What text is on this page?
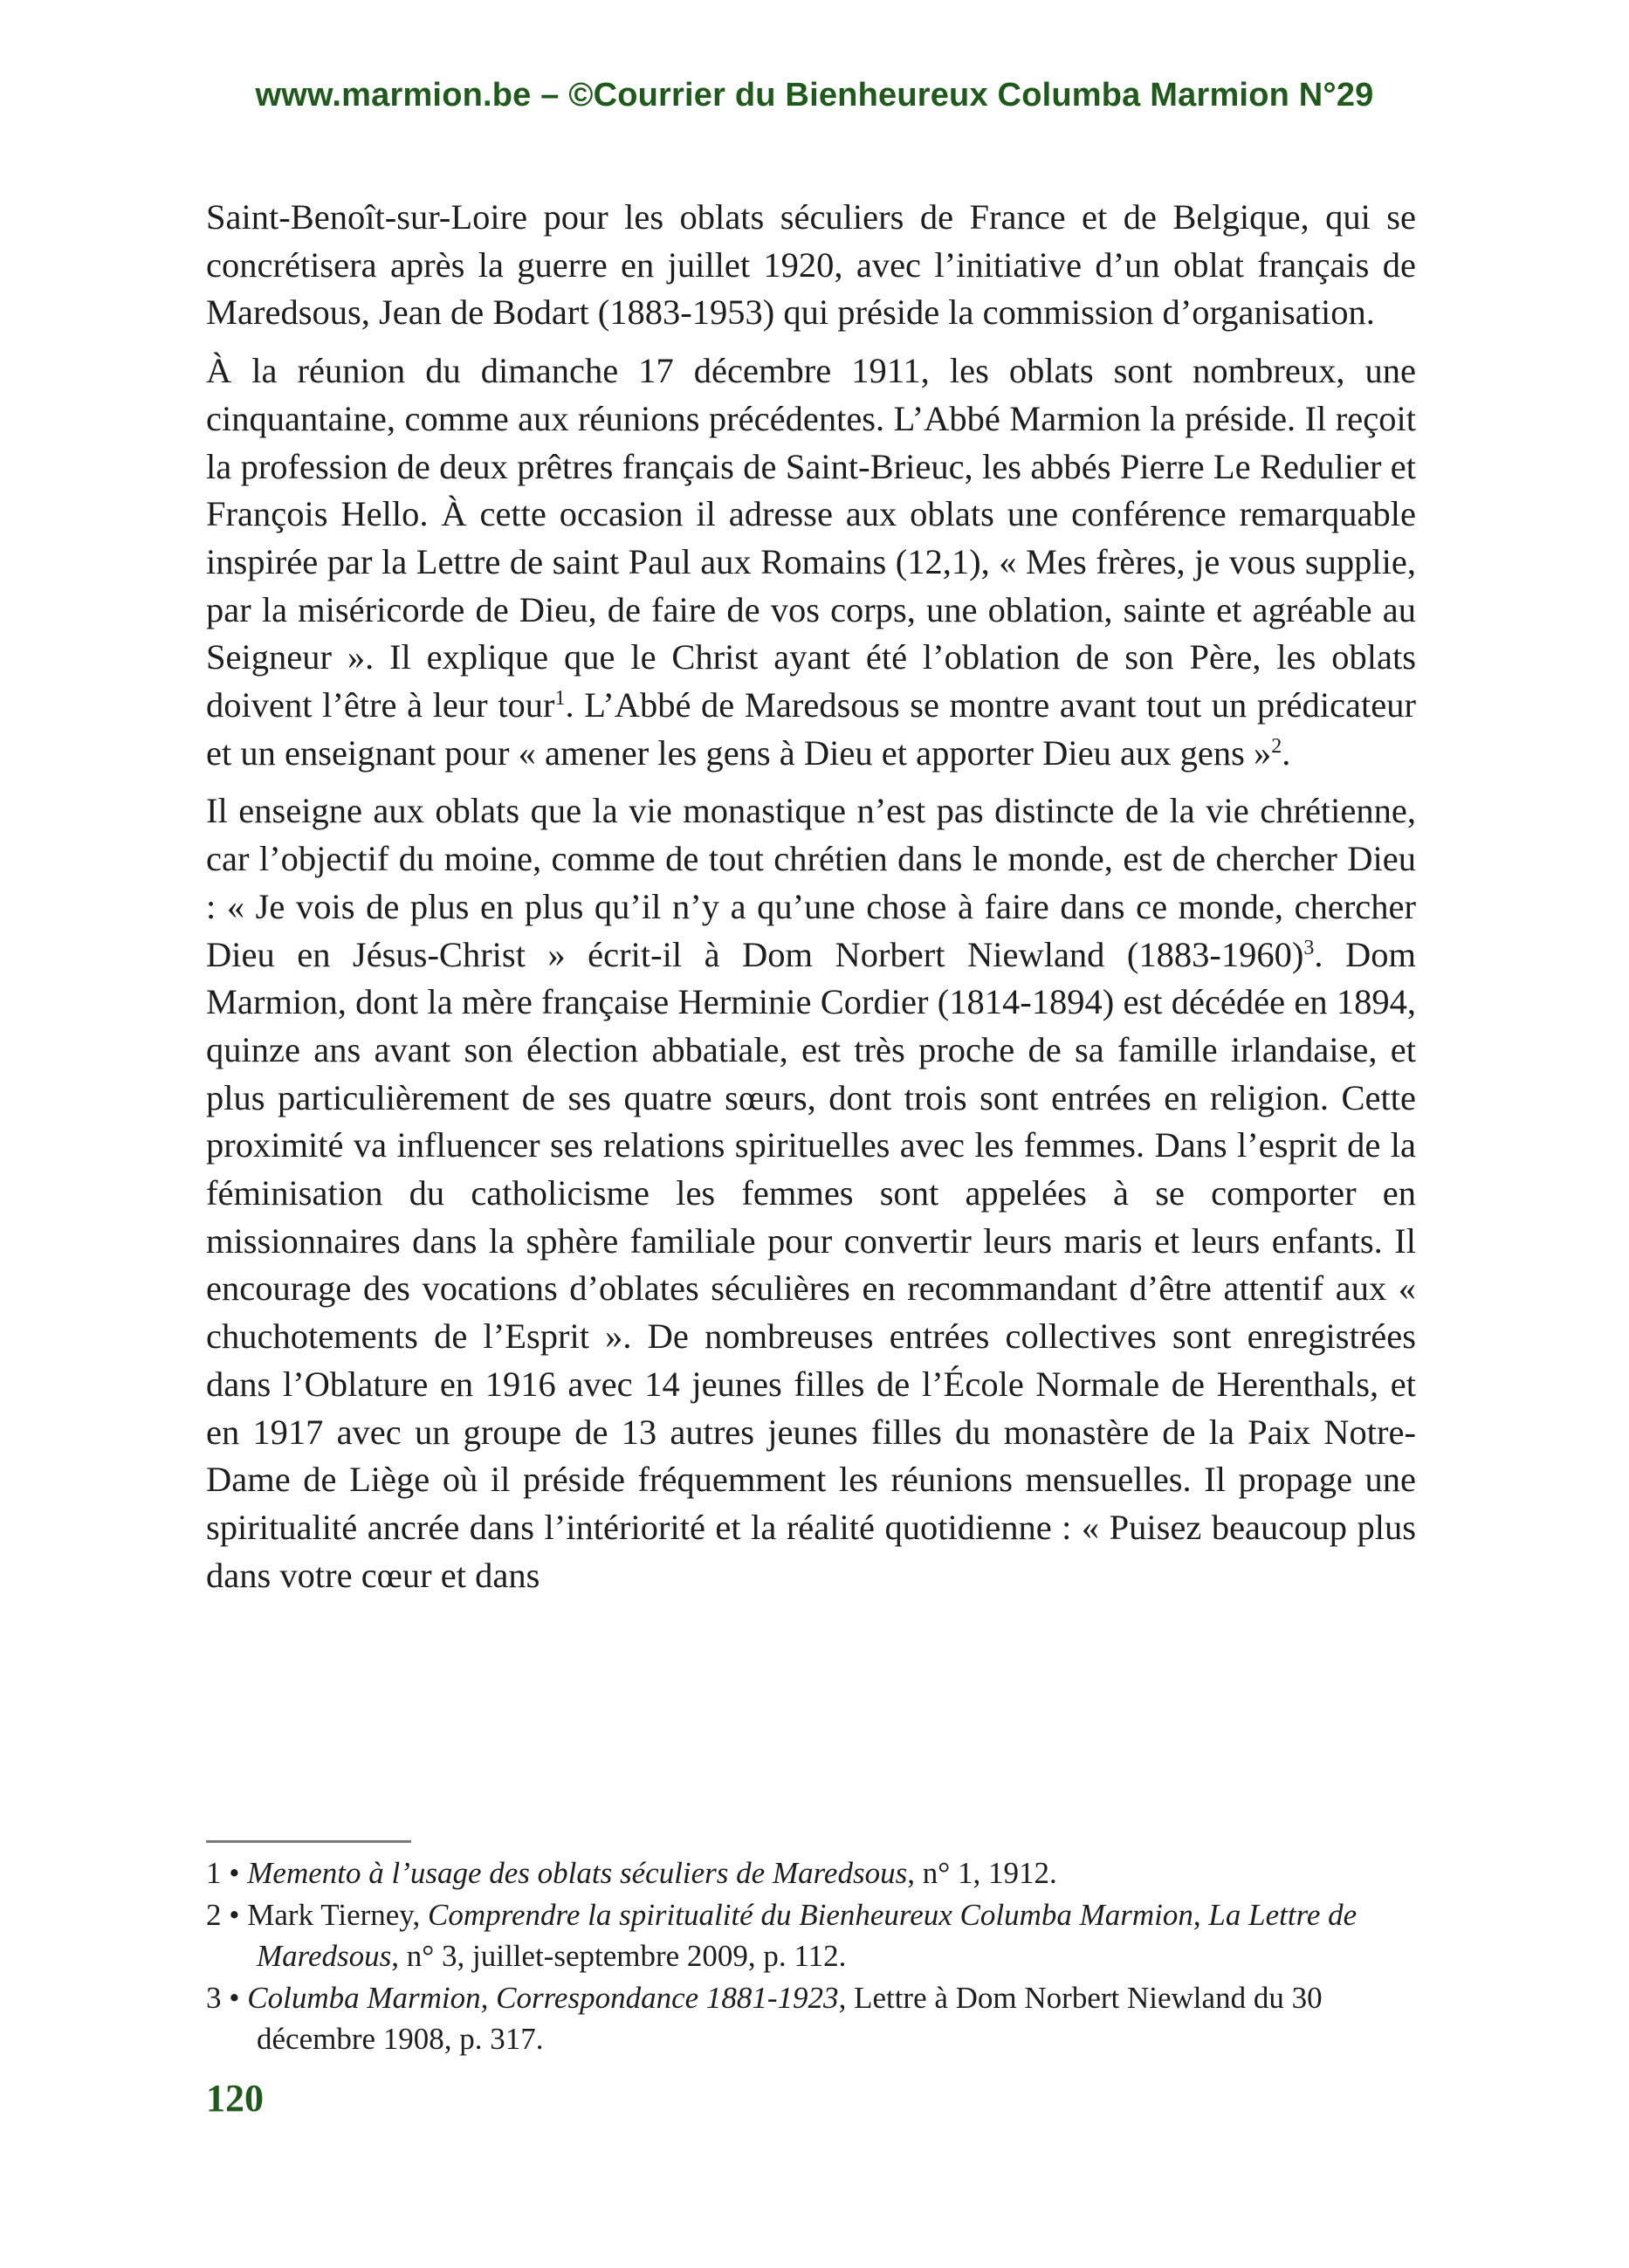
www.marmion.be – ©Courrier du Bienheureux Columba Marmion N°29

Saint-Benoît-sur-Loire pour les oblats séculiers de France et de Belgique, qui se concrétisera après la guerre en juillet 1920, avec l’initiative d’un oblat français de Maredsous, Jean de Bodart (1883-1953) qui préside la commission d’organisation.

À la réunion du dimanche 17 décembre 1911, les oblats sont nombreux, une cinquantaine, comme aux réunions précédentes. L’Abbé Marmion la préside. Il reçoit la profession de deux prêtres français de Saint-Brieuc, les abbés Pierre Le Redulier et François Hello. À cette occasion il adresse aux oblats une conférence remarquable inspirée par la Lettre de saint Paul aux Romains (12,1), « Mes frères, je vous supplie, par la miséricorde de Dieu, de faire de vos corps, une oblation, sainte et agréable au Seigneur ». Il explique que le Christ ayant été l’oblation de son Père, les oblats doivent l’être à leur tour$^1$. L’Abbé de Maredsous se montre avant tout un prédicateur et un enseignant pour « amener les gens à Dieu et apporter Dieu aux gens »$^2$.

Il enseigne aux oblats que la vie monastique n’est pas distincte de la vie chrétienne, car l’objectif du moine, comme de tout chrétien dans le monde, est de chercher Dieu : « Je vois de plus en plus qu’il n’y a qu’une chose à faire dans ce monde, chercher Dieu en Jésus-Christ » écrit-il à Dom Norbert Niewland (1883-1960)$^3$. Dom Marmion, dont la mère française Herminie Cordier (1814-1894) est décédée en 1894, quinze ans avant son élection abbatiale, est très proche de sa famille irlandaise, et plus particulièrement de ses quatre sœurs, dont trois sont entrées en religion. Cette proximité va influencer ses relations spirituelles avec les femmes. Dans l’esprit de la féminisation du catholicisme les femmes sont appelées à se comporter en missionnaires dans la sphère familiale pour convertir leurs maris et leurs enfants. Il encourage des vocations d’oblates séculières en recommandant d’être attentif aux « chuchotements de l’Esprit ». De nombreuses entrées collectives sont enregistrées dans l’Oblature en 1916 avec 14 jeunes filles de l’École Normale de Herenthals, et en 1917 avec un groupe de 13 autres jeunes filles du monastère de la Paix Notre-Dame de Liège où il préside fréquemment les réunions mensuelles. Il propage une spiritualité ancrée dans l’intériorité et la réalité quotidienne : « Puisez beaucoup plus dans votre cœur et dans

1 • Memento à l’usage des oblats séculiers de Maredsous, n° 1, 1912.

2 • Mark Tierney, Comprendre la spiritualité du Bienheureux Columba Marmion, La Lettre de Maredsous, n° 3, juillet-septembre 2009, p. 112.

3 • Columba Marmion, Correspondance 1881-1923, Lettre à Dom Norbert Niewland du 30 décembre 1908, p. 317.

120
